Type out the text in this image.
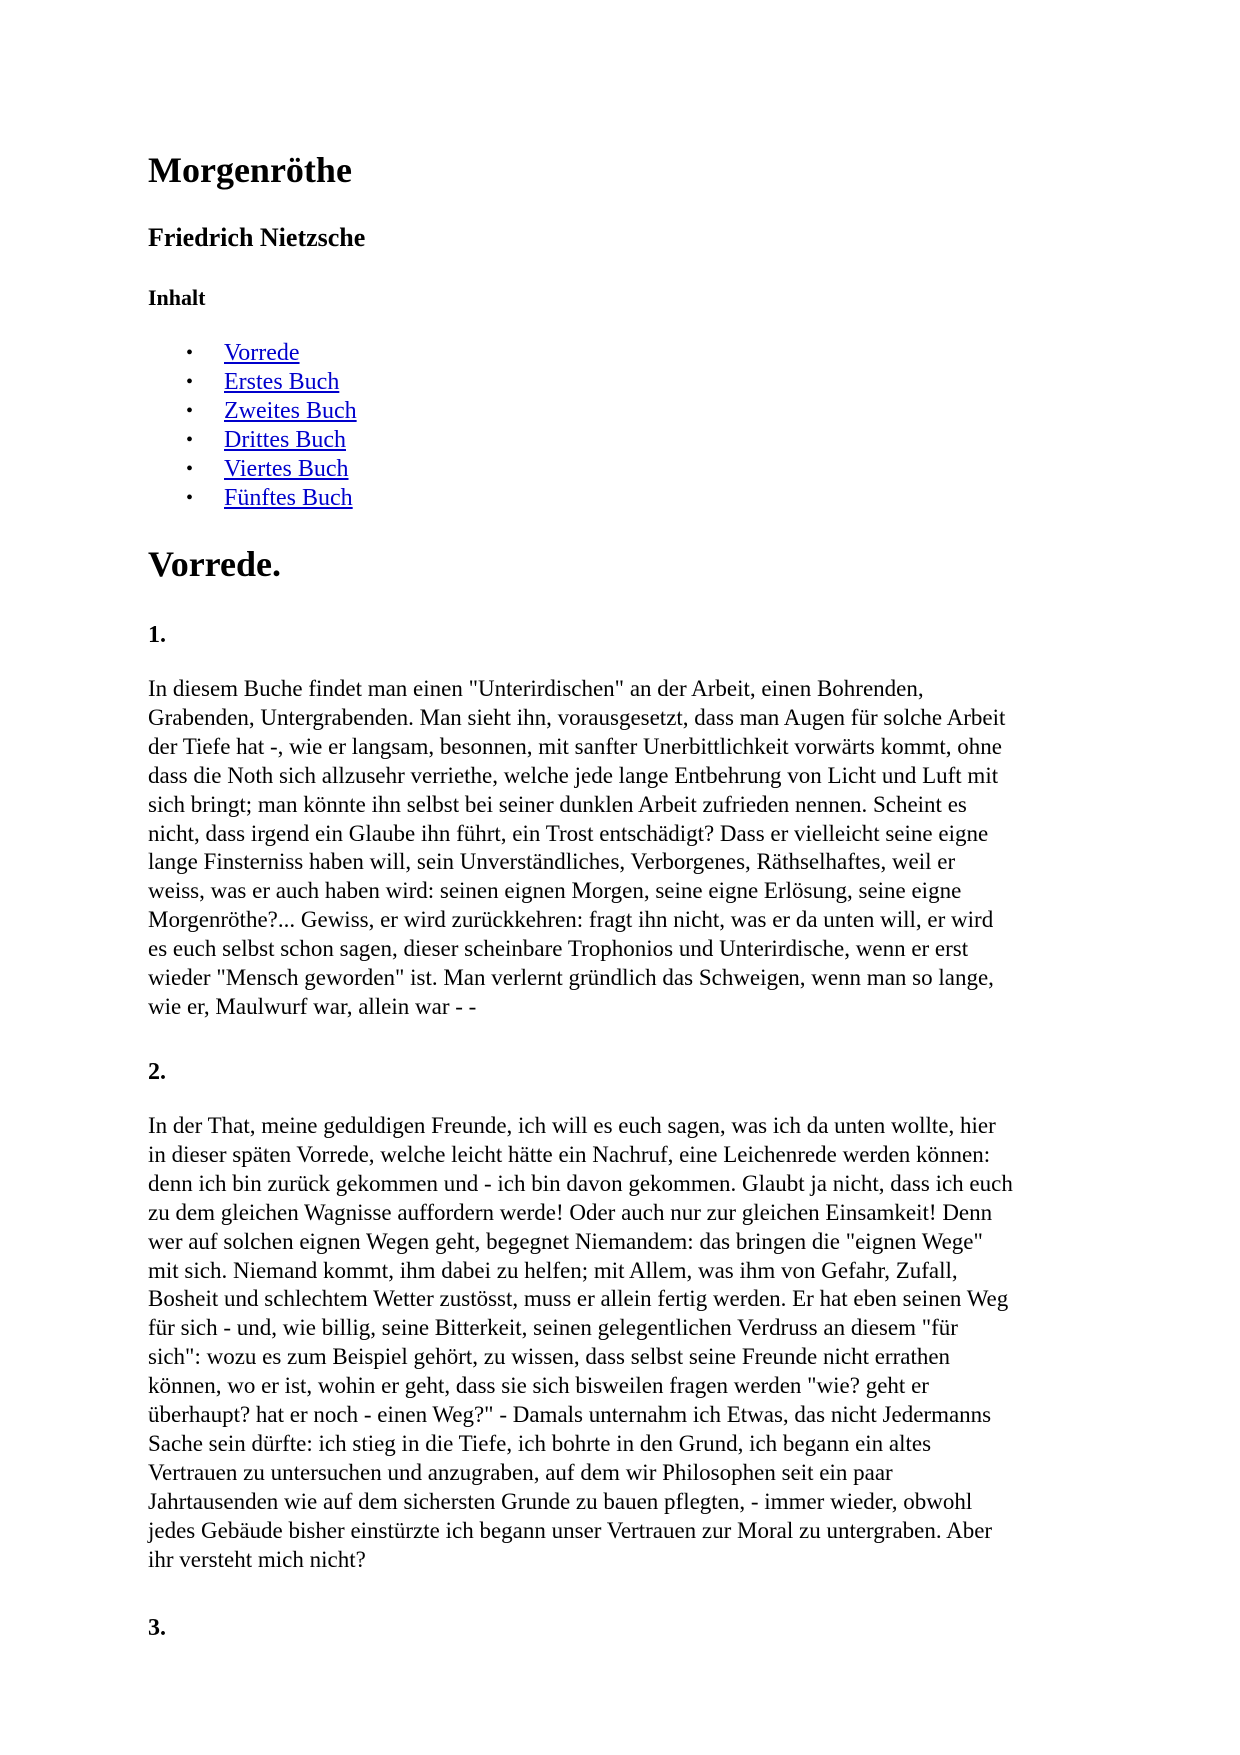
Morgenröthe
Friedrich Nietzsche
Inhalt
• Vorrede
• Erstes Buch
• Zweites Buch
• Drittes Buch
• Viertes Buch
• Fünftes Buch
Vorrede.
1.

In diesem Buche findet man einen "Unterirdischen" an der Arbeit, einen Bohrenden,
Grabenden, Untergrabenden. Man sieht ihn, vorausgesetzt, dass man Augen für solche Arbeit
der Tiefe hat -, wie er langsam, besonnen, mit sanfter Unerbittlichkeit vorwärts kommt, ohne
dass die Noth sich allzusehr verriethe, welche jede lange Entbehrung von Licht und Luft mit
sich bringt; man könnte ihn selbst bei seiner dunklen Arbeit zufrieden nennen. Scheint es
nicht, dass irgend ein Glaube ihn führt, ein Trost entschädigt? Dass er vielleicht seine eigne
lange Finsterniss haben will, sein Unverständliches, Verborgenes, Räthselhaftes, weil er
weiss, was er auch haben wird: seinen eignen Morgen, seine eigne Erlösung, seine eigne
Morgenröthe?... Gewiss, er wird zurückkehren: fragt ihn nicht, was er da unten will, er wird
es euch selbst schon sagen, dieser scheinbare Trophonios und Unterirdische, wenn er erst
wieder "Mensch geworden" ist. Man verlernt gründlich das Schweigen, wenn man so lange,
wie er, Maulwurf war, allein war - -

2.

In der That, meine geduldigen Freunde, ich will es euch sagen, was ich da unten wollte, hier
in dieser späten Vorrede, welche leicht hätte ein Nachruf, eine Leichenrede werden können:
denn ich bin zurück gekommen und - ich bin davon gekommen. Glaubt ja nicht, dass ich euch
zu dem gleichen Wagnisse auffordern werde! Oder auch nur zur gleichen Einsamkeit! Denn
wer auf solchen eignen Wegen geht, begegnet Niemandem: das bringen die "eignen Wege"
mit sich. Niemand kommt, ihm dabei zu helfen; mit Allem, was ihm von Gefahr, Zufall,
Bosheit und schlechtem Wetter zustösst, muss er allein fertig werden. Er hat eben seinen Weg
für sich - und, wie billig, seine Bitterkeit, seinen gelegentlichen Verdruss an diesem "für
sich": wozu es zum Beispiel gehört, zu wissen, dass selbst seine Freunde nicht errathen
können, wo er ist, wohin er geht, dass sie sich bisweilen fragen werden "wie? geht er
überhaupt? hat er noch - einen Weg?" - Damals unternahm ich Etwas, das nicht Jedermanns
Sache sein dürfte: ich stieg in die Tiefe, ich bohrte in den Grund, ich begann ein altes
Vertrauen zu untersuchen und anzugraben, auf dem wir Philosophen seit ein paar
Jahrtausenden wie auf dem sichersten Grunde zu bauen pflegten, - immer wieder, obwohl
jedes Gebäude bisher einstürzte ich begann unser Vertrauen zur Moral zu untergraben. Aber
ihr versteht mich nicht?

3.
